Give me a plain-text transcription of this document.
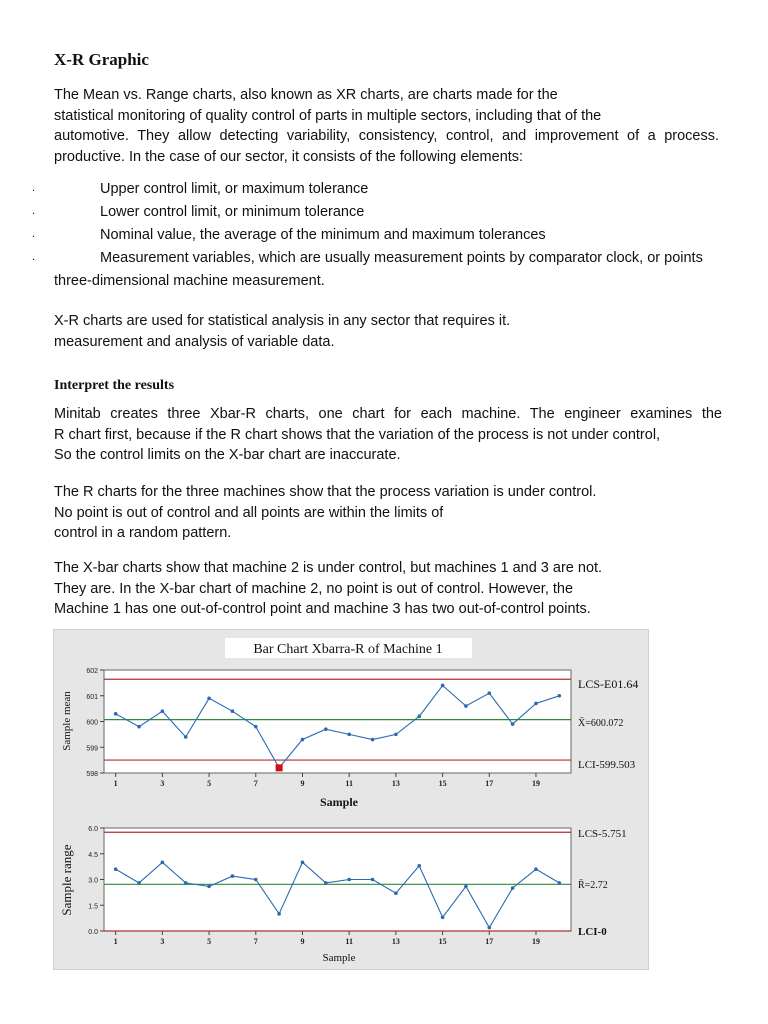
X-R Graphic

The Mean vs. Range charts, also known as XR charts, are charts made for the
statistical monitoring of quality control of parts in multiple sectors, including that of the
automotive. They allow detecting variability, consistency, control, and improvement of a process.
productive. In the case of our sector, it consists of the following elements:

.	Upper control limit, or maximum tolerance
.	Lower control limit, or minimum tolerance
.	Nominal value, the average of the minimum and maximum tolerances
.	Measurement variables, which are usually measurement points by comparator clock, or points
three-dimensional machine measurement.

X-R charts are used for statistical analysis in any sector that requires it.
measurement and analysis of variable data.

Interpret the results

Minitab creates three Xbar-R charts, one chart for each machine. The engineer examines the
R chart first, because if the R chart shows that the variation of the process is not under control,
So the control limits on the X-bar chart are inaccurate.

The R charts for the three machines show that the process variation is under control.
No point is out of control and all points are within the limits of
control in a random pattern.

The X-bar charts show that machine 2 is under control, but machines 1 and 3 are not.
They are. In the X-bar chart of machine 2, no point is out of control. However, the
Machine 1 has one out-of-control point and machine 3 has two out-of-control points.

Bar Chart Xbarra-R of Machine 1
598
599
600
601
602
1	3	5	7	9	11	13	15	17	19
Sample
Sample mean
LCS-E01.64
X̄=600.072
LCI-599.503
0.0
1.5
3.0
4.5
6.0
1	3	5	7	9	11	13	15	17	19
Sample
Sample range
LCS-5.751
R̄=2.72
LCI-0
